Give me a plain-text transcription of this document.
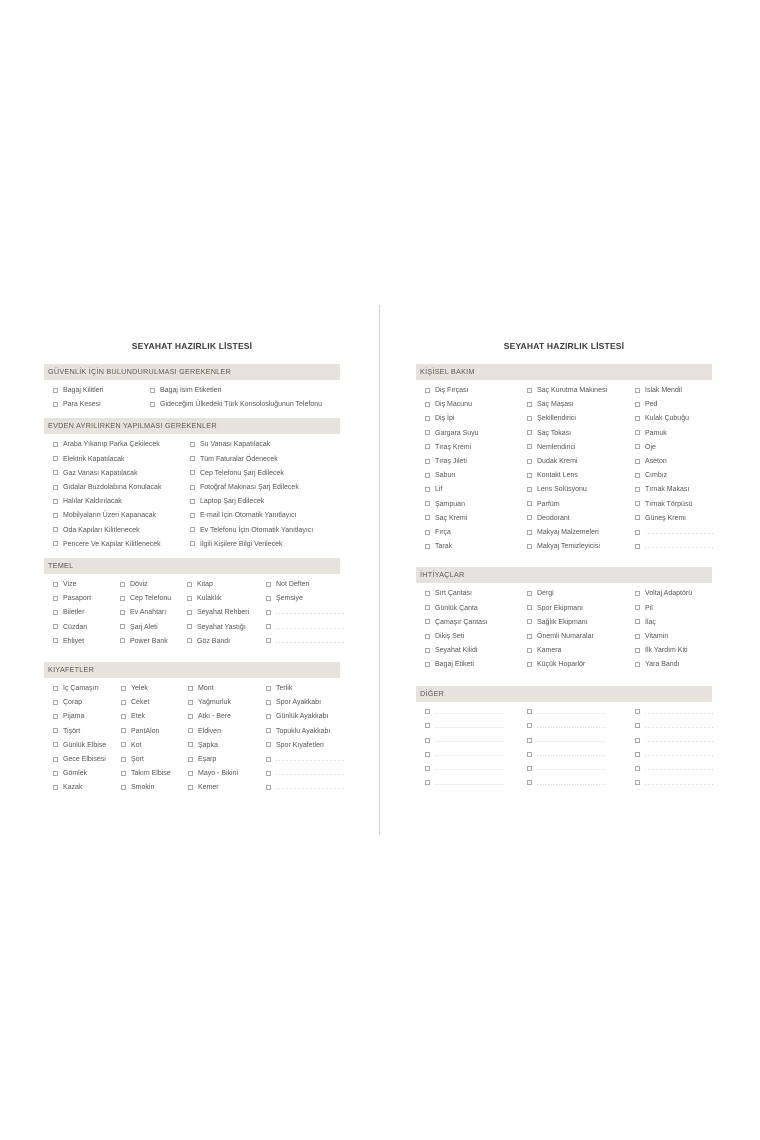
SEYAHAT HAZIRLIK LİSTESİ
GÜVENLİK İÇİN BULUNDURULMASI GEREKENLER
Bagaj Kilitleri
Para Kesesi
Bagaj İsim Etiketleri
Gideceğim Ülkedeki Türk Konsolosluğunun Telefonu
EVDEN AYRILIRKEN YAPILMASI GEREKENLER
Araba Yıkanıp Parka Çekilecek
Elektrik Kapatılacak
Gaz Vanası Kapatılacak
Gıdalar Buzdolabına Konulacak
Halılar Kaldırılacak
Mobilyaların Üzeri Kapanacak
Oda Kapıları Kilitlenecek
Pencere Ve Kapılar Kilitlenecek
Su Vanası Kapatılacak
Tüm Faturalar Ödenecek
Cep Telefonu Şarj Edilecek
Fotoğraf Makinası Şarj Edilecek
Laptop Şarj Edilecek
E-mail İçin Otomatik Yanıtlayıcı
Ev Telefonu İçin Otomatik Yanıtlayıcı
İlgili Kişilere Bilgi Verilecek
TEMEL
Vize
Pasaport
Biletler
Cüzdan
Ehliyet
Döviz
Cep Telefonu
Ev Anahtarı
Şarj Aleti
Power Bank
Kitap
Kulaklık
Seyahat Rehberi
Seyahat Yastığı
Göz Bandı
Not Defteri
Şemsiye
..........................
..........................
..........................
KIYAFETLER
İç Çamaşırı
Çorap
Pijama
Tişört
Günlük Elbise
Gece Elbisesi
Gömlek
Kazak
Yelek
Ceket
Etek
PantAlon
Kot
Şort
Takım Elbise
Smokin
Mont
Yağmurluk
Atkı - Bere
Eldiven
Şapka
Eşarp
Mayo - Bikini
Kemer
Terlik
Spor Ayakkabı
Günlük Ayakkabı
Topuklu Ayakkabı
Spor Kıyafetleri
..........................
..........................
..........................
SEYAHAT HAZIRLIK LİSTESİ
KİŞİSEL BAKIM
Diş Fırçası
Diş Macunu
Diş İpi
Gargara Suyu
Tıraş Kremi
Tıraş Jileti
Sabun
Lif
Şampuan
Saç Kremi
Fırça
Tarak
Saç Kurutma Makinesi
Saç Maşası
Şekillendirici
Saç Tokası
Nemlendirici
Dudak Kremi
Kontakt Lens
Lens Solüsyonu
Parfüm
Deodorant
Makyaj Malzemeleri
Makyaj Temizleyicisi
Islak Mendil
Ped
Kulak Çubuğu
Pamuk
Oje
Aseton
Cımbız
Tırnak Makası
Tırnak Törpüsü
Güneş Kremi
..........................
..........................
İHTİYAÇLAR
Sırt Çantası
Günlük Çanta
Çamaşır Çantası
Dikiş Seti
Seyahat Kilidi
Bagaj Etiketi
Dergi
Spor Ekipmanı
Sağlık Ekipmanı
Önemli Numaralar
Kamera
Küçük Hoparlör
Voltaj Adaptörü
Pil
İlaç
Vitamin
İlk Yardım Kiti
Yara Bandı
DİĞER
..........................
..........................
..........................
..........................
..........................
..........................
..........................
..........................
..........................
..........................
..........................
..........................
..........................
..........................
..........................
..........................
..........................
..........................
